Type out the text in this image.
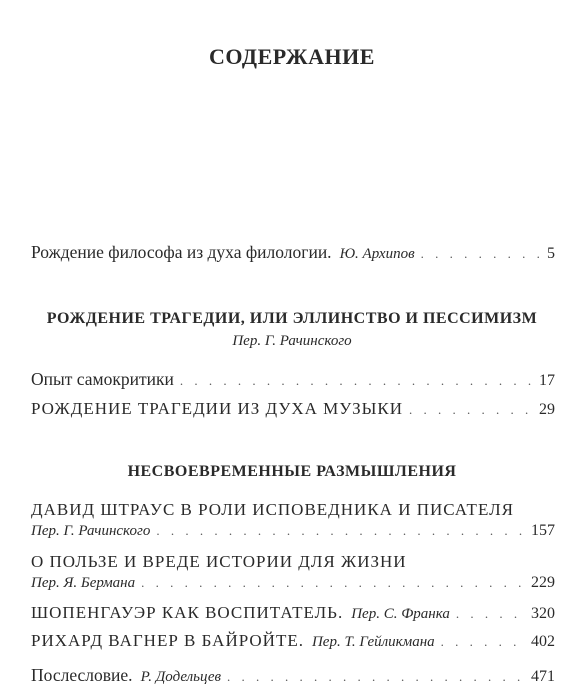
СОДЕРЖАНИЕ
Рождение философа из духа филологии. Ю. Архипов . . .	5
РОЖДЕНИЕ ТРАГЕДИИ, ИЛИ ЭЛЛИНСТВО И ПЕССИМИЗМ
Пер. Г. Рачинского
Опыт самокритики . . .	17
РОЖДЕНИЕ ТРАГЕДИИ ИЗ ДУХА МУЗЫКИ . . .	29
НЕСВОЕВРЕМЕННЫЕ РАЗМЫШЛЕНИЯ
ДАВИД ШТРАУС В РОЛИ ИСПОВЕДНИКА И ПИСАТЕЛЯ
Пер. Г. Рачинского . . .	157
О ПОЛЬЗЕ И ВРЕДЕ ИСТОРИИ ДЛЯ ЖИЗНИ
Пер. Я. Бермана . . .	229
ШОПЕНГАУЭР КАК ВОСПИТАТЕЛЬ. Пер. С. Франка . . .	320
РИХАРД ВАГНЕР В БАЙРОЙТЕ. Пер. Т. Гейликмана . . .	402
Послесловие. Р. Додельцев . . .	471
